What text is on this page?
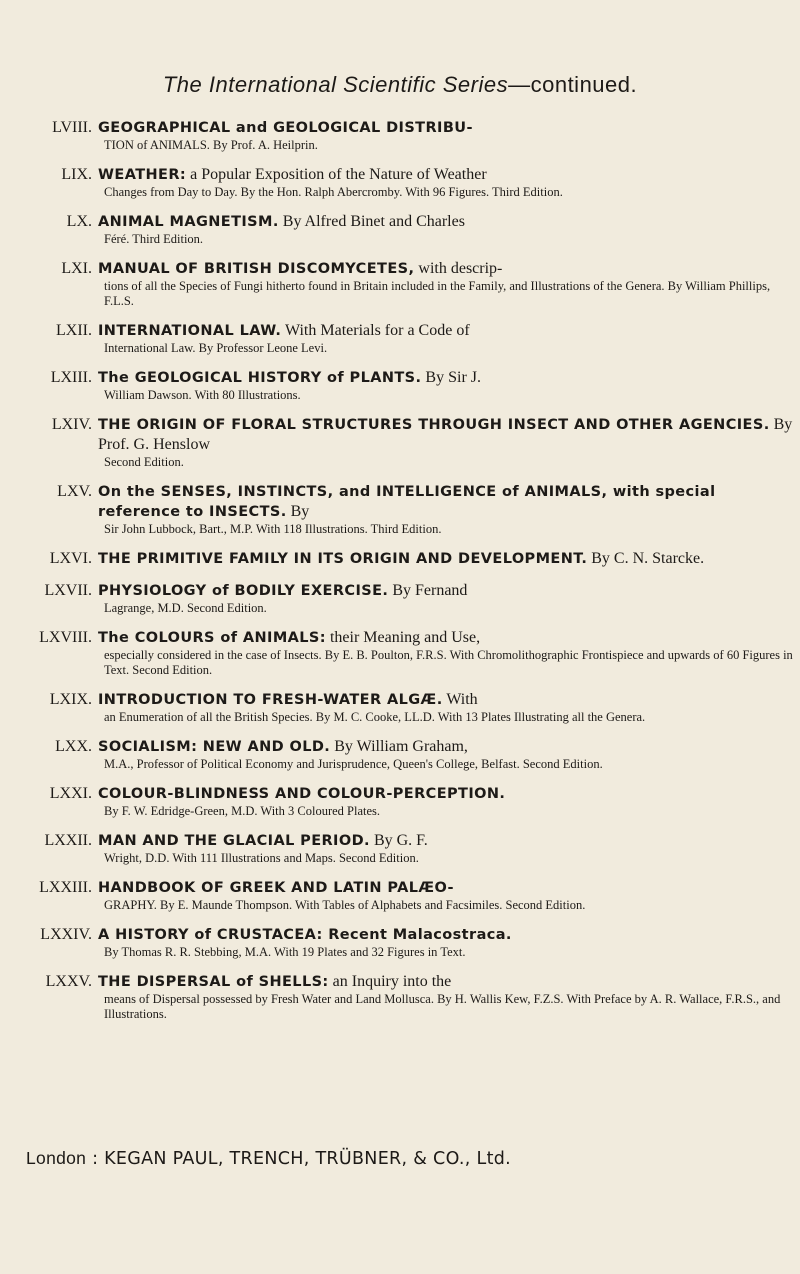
The International Scientific Series—continued.
LVIII. GEOGRAPHICAL and GEOLOGICAL DISTRIBU-
TION of ANIMALS. By Prof. A. Heilprin.
LIX. WEATHER: a Popular Exposition of the Nature of Weather
Changes from Day to Day. By the Hon. Ralph Abercromby. With 96 Figures. Third Edition.
LX. ANIMAL MAGNETISM. By Alfred Binet and Charles
Féré. Third Edition.
LXI. MANUAL OF BRITISH DISCOMYCETES, with descrip-
tions of all the Species of Fungi hitherto found in Britain included in the Family, and Illustrations of the Genera. By William Phillips, F.L.S.
LXII. INTERNATIONAL LAW. With Materials for a Code of
International Law. By Professor Leone Levi.
LXIII. The GEOLOGICAL HISTORY of PLANTS. By Sir J.
William Dawson. With 80 Illustrations.
LXIV. THE ORIGIN OF FLORAL STRUCTURES THROUGH INSECT AND OTHER AGENCIES. By Prof. G. Henslow
Second Edition.
LXV. On the SENSES, INSTINCTS, and INTELLIGENCE of ANIMALS, with special reference to INSECTS. By
Sir John Lubbock, Bart., M.P. With 118 Illustrations. Third Edition.
LXVI. THE PRIMITIVE FAMILY IN ITS ORIGIN AND DEVELOPMENT. By C. N. Starcke.
LXVII. PHYSIOLOGY of BODILY EXERCISE. By Fernand
Lagrange, M.D. Second Edition.
LXVIII. The COLOURS of ANIMALS: their Meaning and Use,
especially considered in the case of Insects. By E. B. Poulton, F.R.S. With Chromolithographic Frontispiece and upwards of 60 Figures in Text. Second Edition.
LXIX. INTRODUCTION TO FRESH-WATER ALGÆ. With
an Enumeration of all the British Species. By M. C. Cooke, LL.D. With 13 Plates Illustrating all the Genera.
LXX. SOCIALISM: NEW AND OLD. By William Graham,
M.A., Professor of Political Economy and Jurisprudence, Queen's College, Belfast. Second Edition.
LXXI. COLOUR-BLINDNESS AND COLOUR-PERCEPTION.
By F. W. Edridge-Green, M.D. With 3 Coloured Plates.
LXXII. MAN AND THE GLACIAL PERIOD. By G. F.
Wright, D.D. With 111 Illustrations and Maps. Second Edition.
LXXIII. HANDBOOK OF GREEK AND LATIN PALÆO-
GRAPHY. By E. Maunde Thompson. With Tables of Alphabets and Facsimiles. Second Edition.
LXXIV. A HISTORY of CRUSTACEA: Recent Malacostraca.
By Thomas R. R. Stebbing, M.A. With 19 Plates and 32 Figures in Text.
LXXV. THE DISPERSAL of SHELLS: an Inquiry into the
means of Dispersal possessed by Fresh Water and Land Mollusca. By H. Wallis Kew, F.Z.S. With Preface by A. R. Wallace, F.R.S., and Illustrations.
London : KEGAN PAUL, TRENCH, TRÜBNER, & CO., Ltd.
